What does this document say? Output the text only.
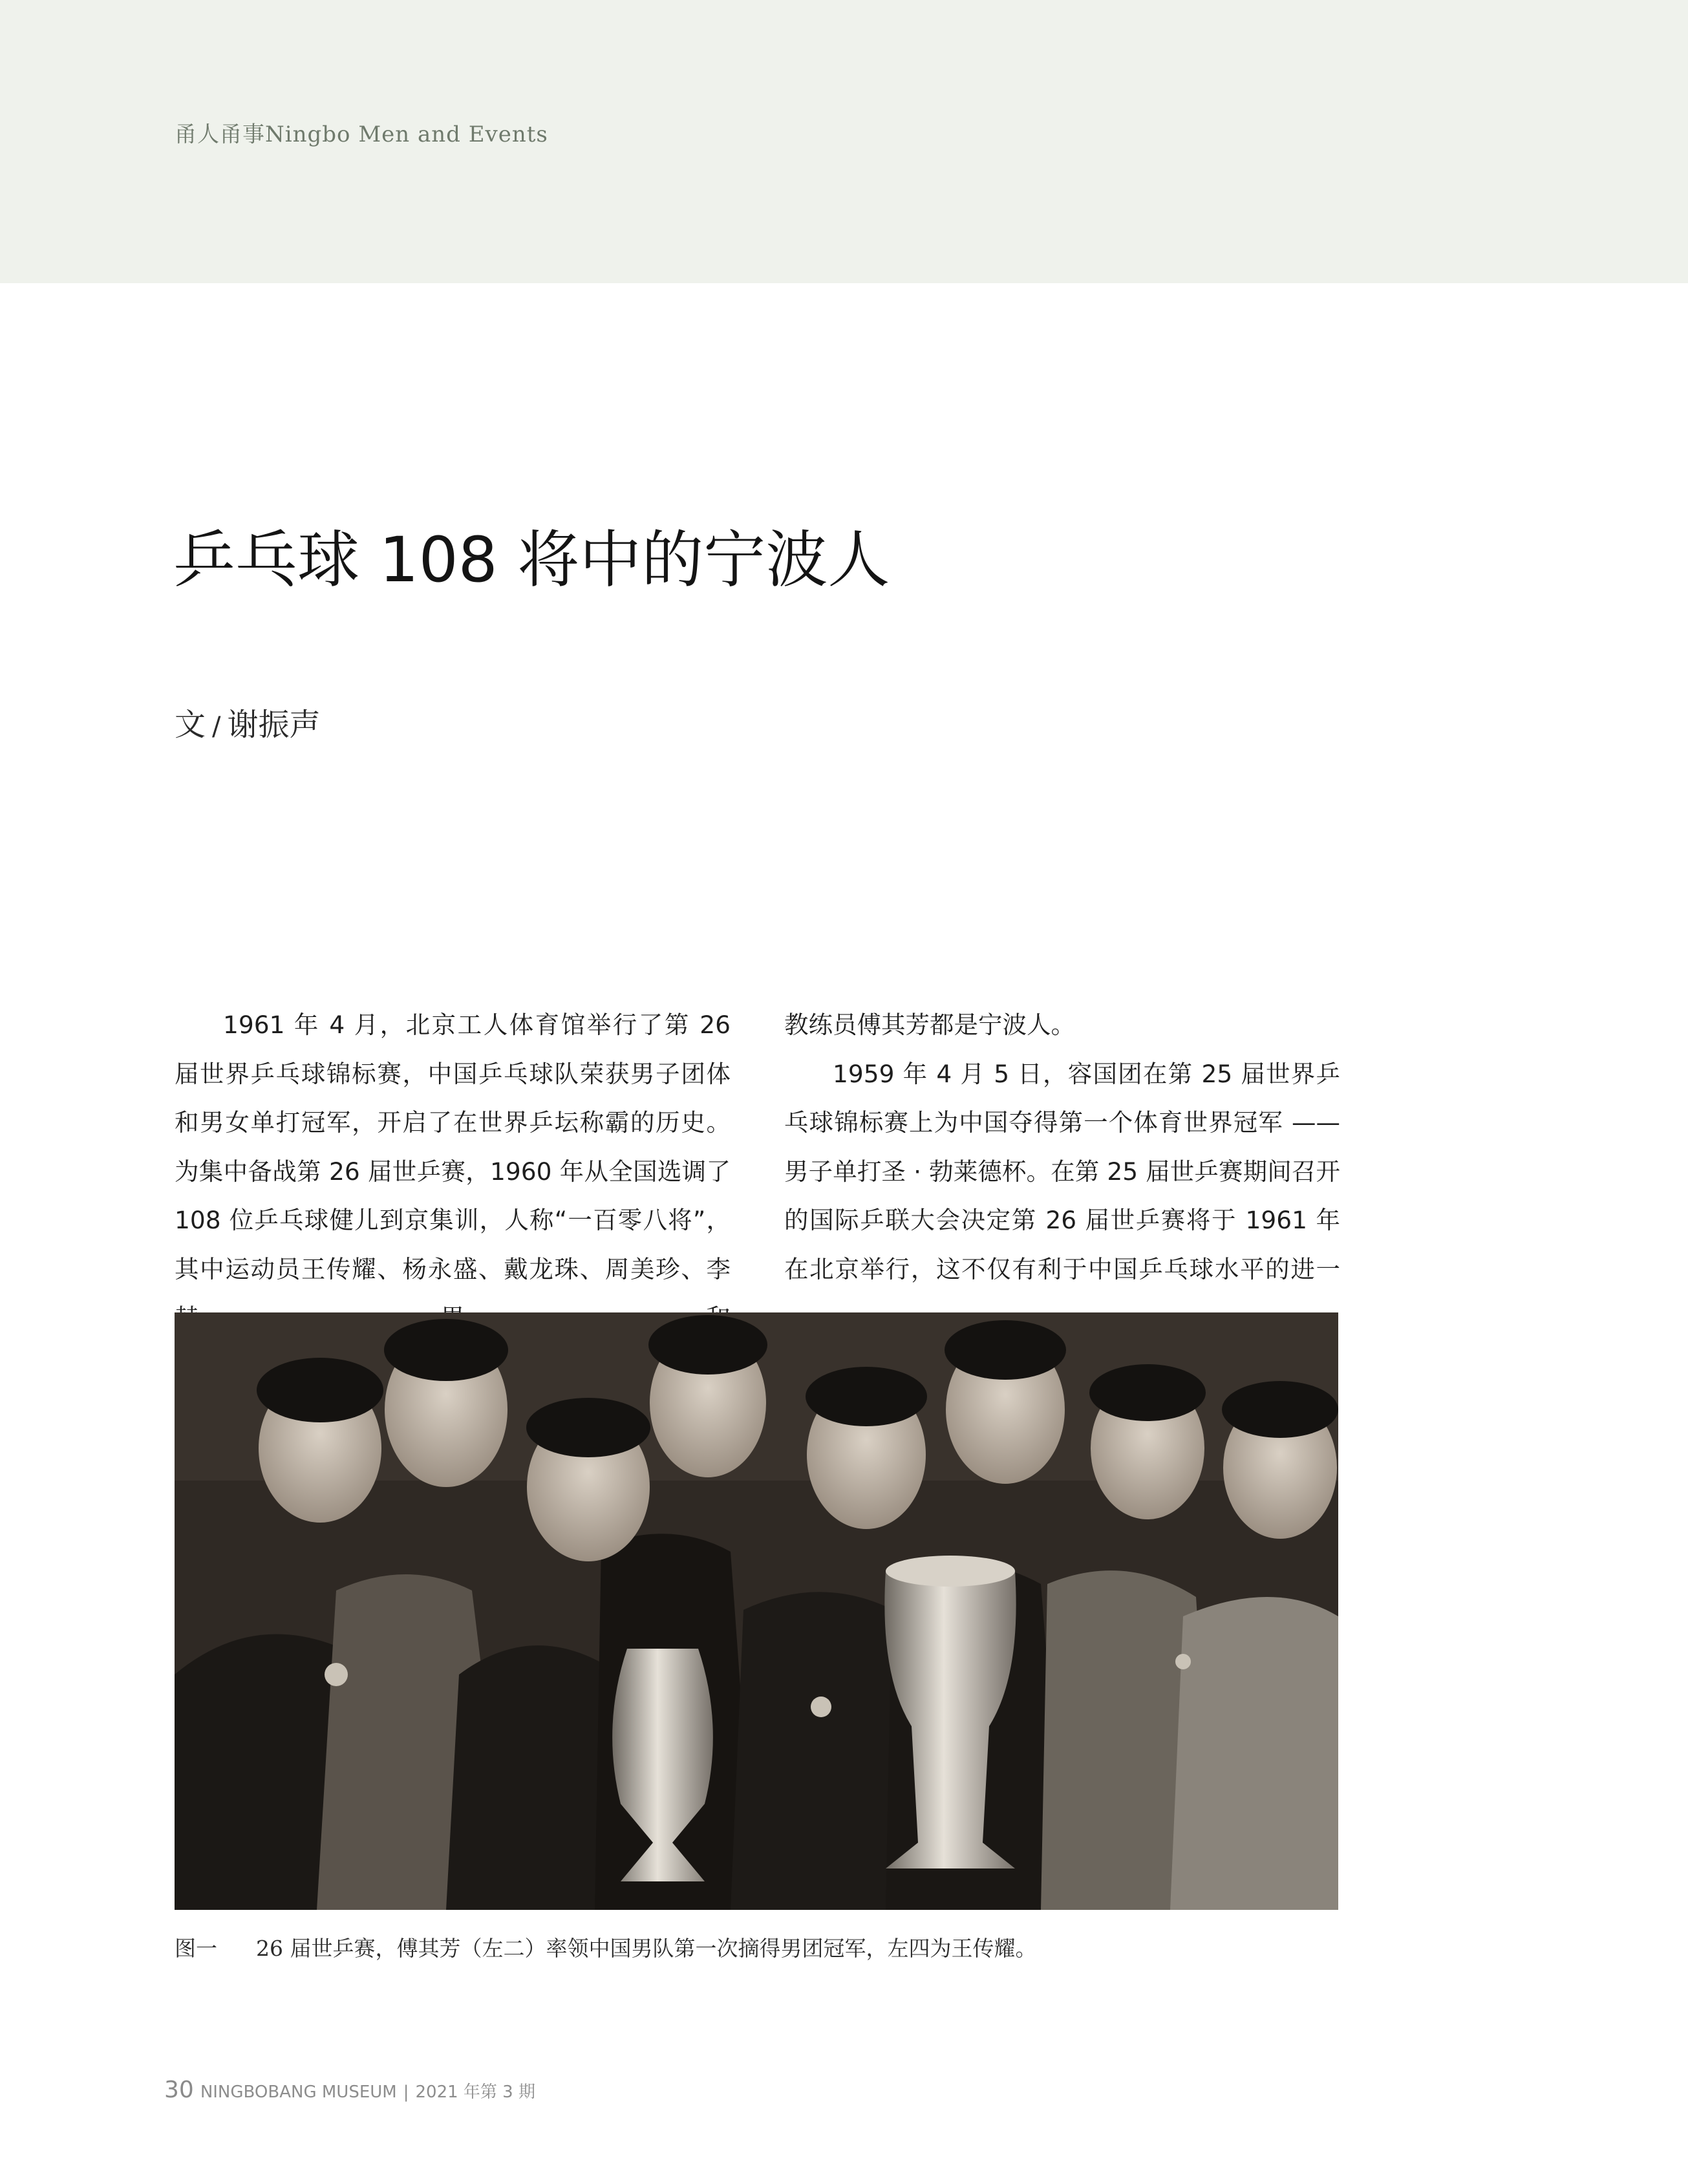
甬人甬事Ningbo Men and Events
乒乓球 108 将中的宁波人
文 / 谢振声

1961 年 4 月，北京工人体育馆举行了第 26 届世界乒乓球锦标赛，中国乒乓球队荣获男子团体和男女单打冠军，开启了在世界乒坛称霸的历史。为集中备战第 26 届世乒赛，1960 年从全国选调了 108 位乒乓球健儿到京集训，人称“一百零八将”，其中运动员王传耀、杨永盛、戴龙珠、周美珍、李

教练员傅其芳都是宁波人。

1959 年 4 月 5 日，容国团在第 25 届世界乒乓球锦标赛上为中国夺得第一个体育世界冠军 —— 男子单打圣 · 勃莱德杯。在第 25 届世乒赛期间召开的国际乒联大会决定第 26 届世乒赛将于 1961 年在北京举行，这不仅有利于中国乒乓球水平的进一

图一 26 届世乒赛，傅其芳（左二）率领中国男队第一次摘得男团冠军，左四为王传耀。
30 NINGBOBANG MUSEUM | 2021 年第 3 期
